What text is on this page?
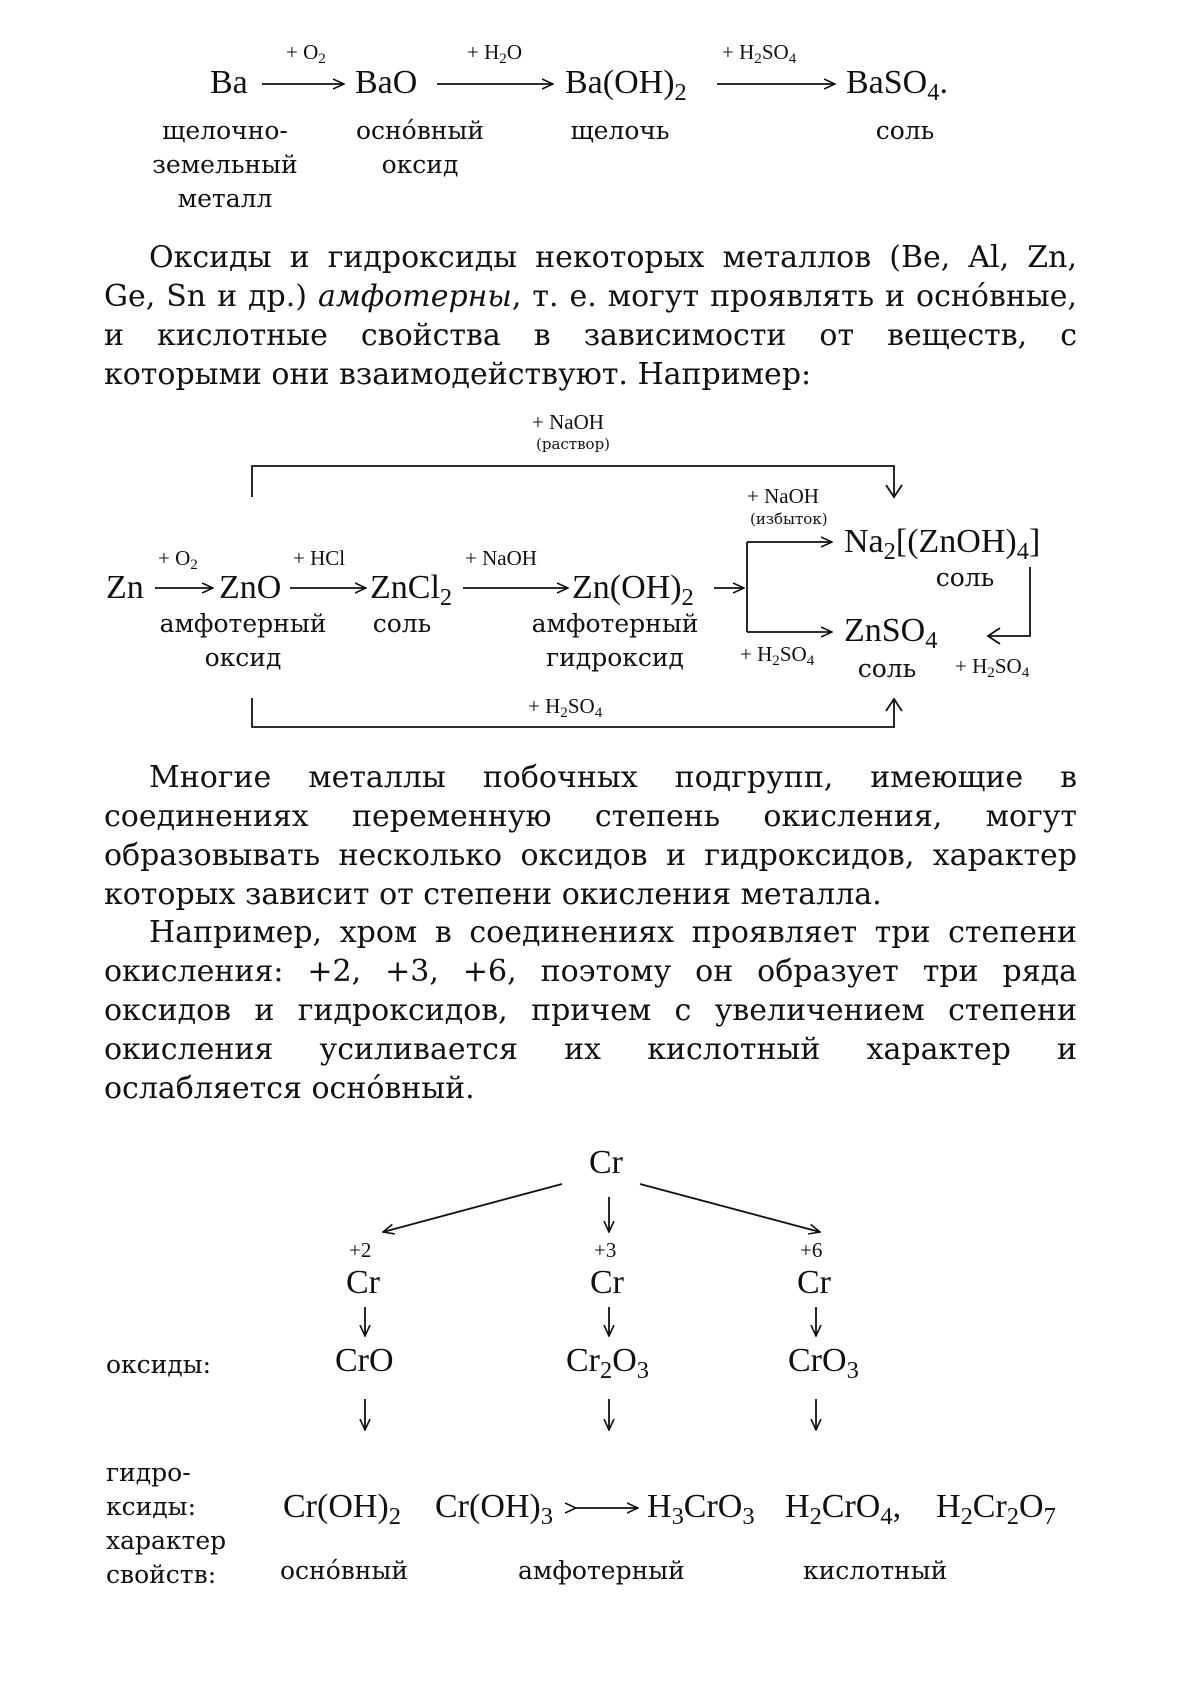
Ba	BaO	$Ba(OH)_2$	BaSO$_4$.
+ $O_2$	+ $H_2O$	+ $H_2SO_4$
щелочно-
земельный
металл
осно́вный
оксид
щелочь	соль

Оксиды и гидроксиды некоторых металлов (Be, Al, Zn, Ge, Sn и др.) амфотерны, т. е. могут проявлять и осно́вные, и кислотные свойства в зависимости от веществ, с которыми они взаимодействуют. Например:

+ NaOH
(раствор)
Zn ZnO	ZnCl$_2$	$Zn(OH)_2$
$Na_2[(ZnOH)_4]$
ZnSO$_4$
+ $O_2$	+ HCl	+ NaOH
+ NaOH
(избыток)
+ $H_2SO_4$	+ $H_2SO_4$
+ $H_2SO_4$
амфотерный
оксид
соль	амфотерный
гидроксид
соль
соль

Многие металлы побочных подгрупп, имеющие в соединениях переменную степень окисления, могут образовывать несколько оксидов и гидроксидов, характер которых зависит от степени окисления металла.

Например, хром в соединениях проявляет три степени окисления: +2, +3, +6, поэтому он образует три ряда оксидов и гидроксидов, причем с увеличением степени окисления усиливается их кислотный характер и ослабляется осно́вный.

Cr
+2	+3	+6
Cr	Cr	Cr
оксиды:	CrO	$Cr_2O_3$	CrO$_3$
гидро-
ксиды:
характер
свойств:
$Cr(OH)_2$ $Cr(OH)_3$	$H_3CrO_3$ $H_2CrO_4$, $H_2Cr_2O_7$
осно́вный	амфотерный	кислотный
